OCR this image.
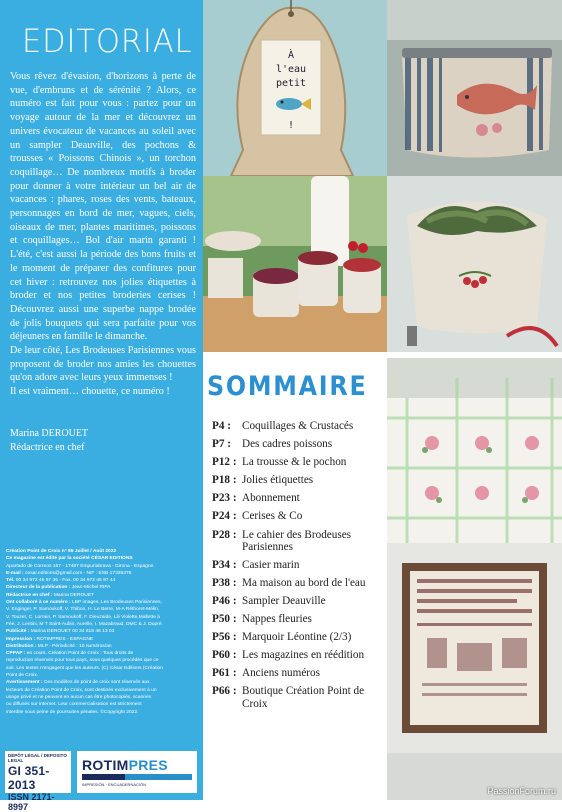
EDITORIAL

Vous rêvez d'évasion, d'horizons à perte de vue, d'embruns et de sérénité ? Alors, ce numéro est fait pour vous : partez pour un voyage autour de la mer et découvrez un univers évocateur de vacances au soleil avec un sampler Deauville, des pochons & trousses « Poissons Chinois », un torchon coquillage… De nombreux motifs à broder pour donner à votre intérieur un bel air de vacances : phares, roses des vents, bateaux, personnages en bord de mer, vagues, ciels, oiseaux de mer, plantes maritimes, poissons et coquillages… Bol d'air marin garanti ! L'été, c'est aussi la période des bons fruits et le moment de préparer des confitures pour cet hiver : retrouvez nos jolies étiquettes à broder et nos petites broderies cerises ! Découvrez aussi une superbe nappe brodée de jolis bouquets qui sera parfaite pour vos déjeuners en famille le dimanche.

De leur côté, Les Brodeuses Parisiennes vous proposent de broder nos amies les chouettes qu'on adore avec leurs yeux immenses !

Il est vraiment… chouette, ce numéro !

Marina DEROUET
Rédactrice en chef
Création Point de Croix n° 95 Juillet / Août 2022
Ce magazine est édité par la société CÉSAR EDITIONS
Apartado de Correos 167 - 17487 Empuriabrava - Girona - Espagne.
E-mail : cesar.editions@gmail.com - NIF : ESB 17335378
Tél. 00 34 972 45 97 36 - Fax. 00 34 972 45 97 44
Directeur de la publication : Jean-Michel RIPA
Rédactrice en chef : Marina DEROUET
Ont collaboré à ce numéro : LBP images, Les Brodeuses Parisiennes,
V. Enginger, P. Samoukoff, V. Thibon, H. Le Berre, M-A Réthoret-Mélin,
V. Touzet, C. Lorrain, P. Samoukoff, F. Dieuzaide, Lili Violette,Mallette à
Fée, J. Lentini, M T Saint-Aubin, Aurelle, I. Mazabraud, DMC & J. Dupré.
Publicité : Marina DEROUET 00 34 618 46 13 03
Impression : ROTIMPRES - ESPAGNE
Distribution : MLP - Périodicité : 10 numéros/an
CPPAP : en cours. Création Point de Croix : Tous droits de
reproduction réservés pour tous pays, sous quelques procédés que ce
soit. Les textes n'engagent que les auteurs. (C) César Editions (Création
Point de Croix.
Avertissement : Ces modèles de point de croix sont réservés aux
lecteurs de Création Point de Croix, sont destinés exclusivement à un
usage privé et ne peuvent en aucun cas être photocopiés, scannés
ou diffusés sur internet. Leur commercialisation est strictement
interdite sous peine de poursuites pénales. ©Copyright 2022.
DÉPÔT LÉGAL / DEPOSITO LEGAL
GI 351-2013
ISSN 2171-8997
ROTIMPRES
IMPRESIÓN · ENCUADERNACIÓN
À
l'eau
petit
!
SOMMAIRE
P4 : Coquillages & Crustacés
P7 : Des cadres poissons
P12 : La trousse & le pochon
P18 : Jolies étiquettes
P23 : Abonnement
P24 : Cerises & Co
P28 : Le cahier des Brodeuses Parisiennes
P34 : Casier marin
P38 : Ma maison au bord de l'eau
P46 : Sampler Deauville
P50 : Nappes fleuries
P56 : Marquoir Léontine (2/3)
P60 : Les magazines en réédition
P61 : Anciens numéros
P66 : Boutique Création Point de Croix
PassionForum.ru
